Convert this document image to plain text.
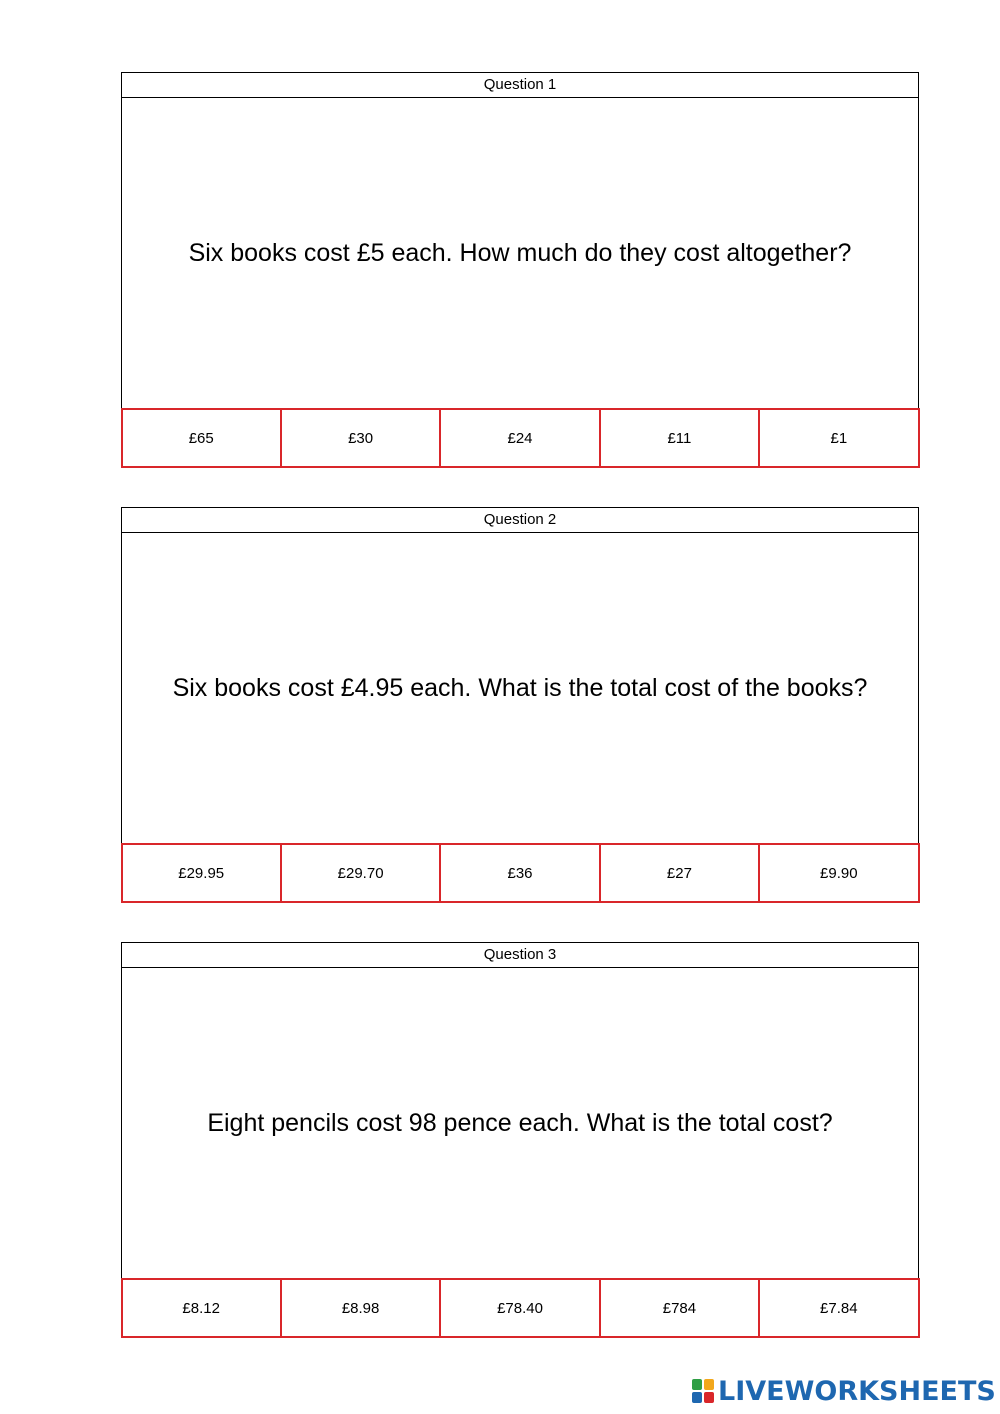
Question 1
Six books cost £5 each. How much do they cost altogether?
£65	£30	£24	£11	£1
Question 2
Six books cost £4.95 each. What is the total cost of the books?
£29.95	£29.70	£36	£27	£9.90
Question 3
Eight pencils cost 98 pence each. What is the total cost?
£8.12	£8.98	£78.40	£784	£7.84
LIVEWORKSHEETS
